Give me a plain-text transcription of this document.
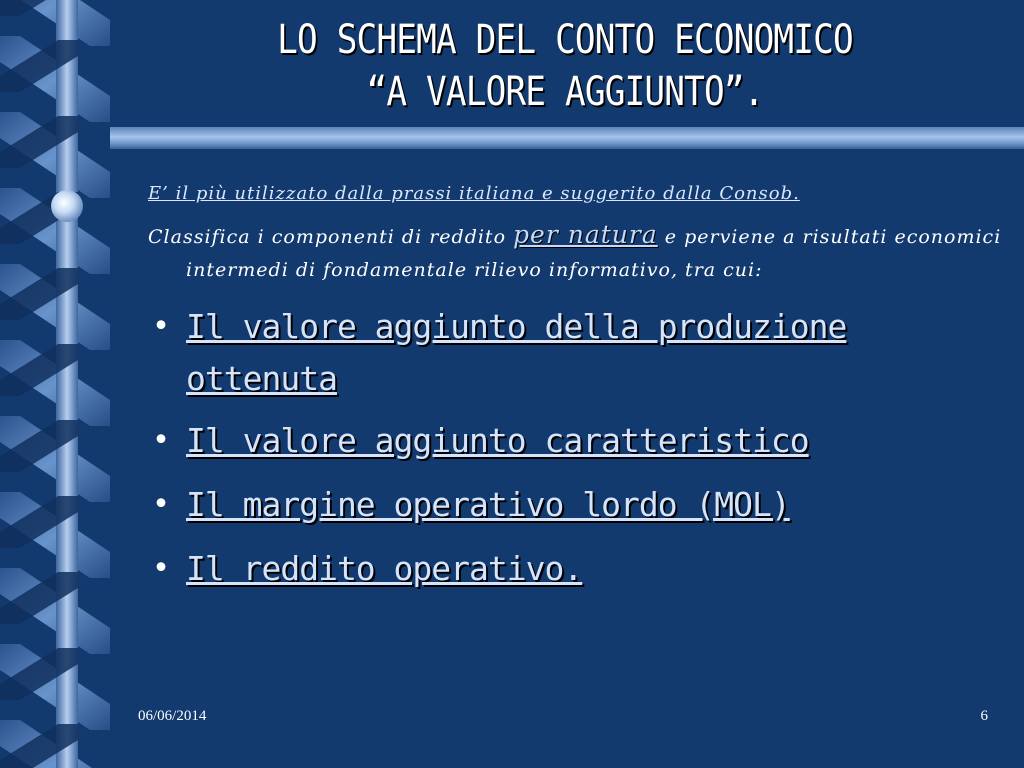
LO SCHEMA DEL CONTO ECONOMICO
“A VALORE AGGIUNTO”.
E’ il più utilizzato dalla prassi italiana e suggerito dalla Consob.
Classifica i componenti di reddito per natura e perviene a risultati economici intermedi di fondamentale rilievo informativo, tra cui:
• Il valore aggiunto della produzione ottenuta
• Il valore aggiunto caratteristico
• Il margine operativo lordo (MOL)
• Il reddito operativo.
06/06/2014	6
